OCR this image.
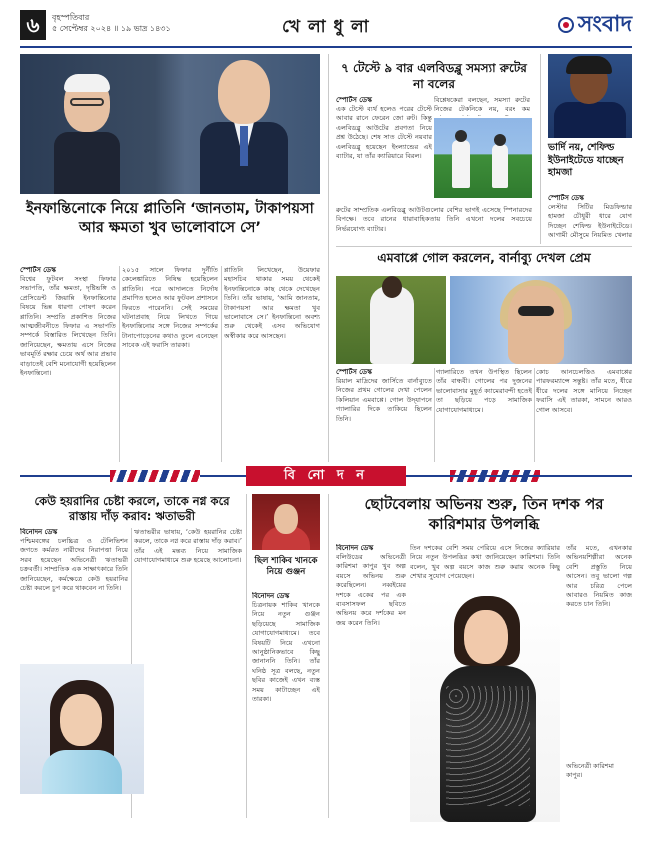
৬	বৃহস্পতিবার
৫ সেপ্টেম্বর ২০২৪ ॥ ১৯ ভাদ্র ১৪৩১	খে লা ধু লা	সংবাদ
ইনফান্তিনোকে নিয়ে প্লাতিনি ‘জানতাম, টাকাপয়সা আর ক্ষমতা খুব ভালোবাসে সে’
স্পোর্টস ডেস্ক
বিশ্বের ফুটবল সংস্থা ফিফার সভাপতি, তাঁর ক্ষমতা, দৃষ্টিভঙ্গি ও প্রেসিডেন্ট জিয়ান্নি ইনফান্তিনোর বিষয়ে ভিন্ন ধারণা পোষণ করেন প্লাতিনি। সম্প্রতি প্রকাশিত নিজের আত্মজীবনীতে ফিফার এ সভাপতি সম্পর্কে বিস্তারিত লিখেছেন তিনি। জানিয়েছেন, ক্ষমতায় এসে নিজের ভাবমূর্তি রক্ষার চেয়ে অর্থ আর প্রভাব বাড়াতেই বেশি মনোযোগী হয়েছিলেন ইনফান্তিনো।
২০১৫ সালে ফিফার দুর্নীতি কেলেঙ্কারিতে নিষিদ্ধ হয়েছিলেন প্লাতিনি। পরে আদালতে নির্দোষ প্রমাণিত হলেও আর ফুটবল প্রশাসনে ফিরতে পারেননি। সেই সময়ের ঘটনাপ্রবাহ নিয়ে লিখতে গিয়ে ইনফান্তিনোর সঙ্গে নিজের সম্পর্কের টানাপোড়েনের কথাও তুলে এনেছেন সাবেক এই ফরাসি তারকা।
প্লাতিনি লিখেছেন, উয়েফার মহাসচিব থাকার সময় থেকেই ইনফান্তিনোকে কাছ থেকে দেখেছেন তিনি। তাঁর ভাষায়, ‘আমি জানতাম, টাকাপয়সা আর ক্ষমতা খুব ভালোবাসে সে।’ ইনফান্তিনো অবশ্য শুরু থেকেই এসব অভিযোগ অস্বীকার করে আসছেন।
৭ টেস্টে ৯ বার এলবিডব্লু সমস্যা রুটের না বলের
স্পোর্টস ডেস্ক
এক টেস্টে ব্যর্থ হলেও পরের টেস্টে আবার রানে ফেরেন জো রুট। কিন্তু এলবিডব্লু আউটের প্রবণতা নিয়ে প্রশ্ন উঠেছে। শেষ সাত টেস্টে নয়বার এলবিডব্লু হয়েছেন ইংল্যান্ডের এই ব্যাটার, যা তাঁর ক্যারিয়ারে বিরল।
বিশ্লেষকেরা বলছেন, সমস্যা রুটের নিজের টেকনিকে নয়, বরং কম
রুটের সাম্প্রতিক এলবিডব্লু আউটগুলোর বেশির ভাগই এসেছে স্পিনারদের বিপক্ষে। তবে রানের ধারাবাহিকতায় তিনি এখনো দলের সবচেয়ে নির্ভরযোগ্য ব্যাটার।
ভার্দি নয়, শেফিল্ড ইউনাইটেডে যাচ্ছেন হামজা
স্পোর্টস ডেস্ক
লেস্টার সিটির মিডফিল্ডার হামজা চৌধুরী ধারে যোগ দিচ্ছেন শেফিল্ড ইউনাইটেডে। আগামী মৌসুমে নিয়মিত খেলার
এমবাপ্পে গোল করলেন, বার্নাব্যু দেখল প্রেম
স্পোর্টস ডেস্ক
রিয়াল মাদ্রিদের জার্সিতে বার্নাব্যুতে নিজের প্রথম গোলের দেখা পেলেন কিলিয়ান এমবাপ্পে। গোল উদ্‌যাপনে গ্যালারির দিকে তাকিয়ে ছিলেন তিনি।
গ্যালারিতে তখন উপস্থিত ছিলেন তাঁর বান্ধবী। গোলের পর দুজনের ভালোবাসার মুহূর্ত ক্যামেরাবন্দী হতেই তা ছড়িয়ে পড়ে সামাজিক যোগাযোগমাধ্যমে।
কোচ আনচেলত্তিও এমবাপ্পের পারফরম্যান্সে সন্তুষ্ট। তাঁর মতে, ধীরে ধীরে দলের সঙ্গে মানিয়ে নিচ্ছেন ফরাসি এই তারকা, সামনে আরও গোল আসবে।
বি নো দ ন
কেউ হয়রানির চেষ্টা করলে, তাকে নগ্ন করে রাস্তায় দাঁড় করাব: ঋতাভরী
বিনোদন ডেস্ক
পশ্চিমবঙ্গের চলচ্চিত্র ও টেলিভিশন জগতে কর্মরত নারীদের নিরাপত্তা নিয়ে সরব হয়েছেন অভিনেত্রী ঋতাভরী চক্রবর্তী। সাম্প্রতিক এক সাক্ষাৎকারে তিনি জানিয়েছেন, কর্মক্ষেত্রে কেউ হয়রানির চেষ্টা করলে চুপ করে থাকবেন না তিনি।
ঋতাভরীর ভাষায়, ‘কেউ হয়রানির চেষ্টা করলে, তাকে নগ্ন করে রাস্তায় দাঁড় করাব।’ তাঁর এই মন্তব্য নিয়ে সামাজিক যোগাযোগমাধ্যমে শুরু হয়েছে আলোচনা। ছিল শাকিব খানকে নিয়ে গুঞ্জন
বিনোদন ডেস্ক
চিত্রনায়ক শাকিব খানকে নিয়ে নতুন গুঞ্জন ছড়িয়েছে সামাজিক যোগাযোগমাধ্যমে। তবে বিষয়টি নিয়ে এখনো আনুষ্ঠানিকভাবে কিছু জানাননি তিনি। তাঁর ঘনিষ্ঠ সূত্র বলছে, নতুন ছবির কাজেই এখন ব্যস্ত সময় কাটাচ্ছেন এই তারকা।
ছোটবেলায় অভিনয় শুরু, তিন দশক পর কারিশমার উপলব্ধি
বিনোদন ডেস্ক
বলিউডের অভিনেত্রী কারিশমা কাপুর খুব অল্প বয়সে অভিনয় শুরু করেছিলেন। নব্বইয়ের দশকে একের পর এক ব্যবসাসফল ছবিতে অভিনয় করে দর্শকের মন জয় করেন তিনি।
তিন দশকের বেশি সময় পেরিয়ে এসে নিজের ক্যারিয়ার নিয়ে নতুন উপলব্ধির কথা জানিয়েছেন কারিশমা। তিনি বলেন, খুব অল্প বয়সে কাজ শুরু করায় অনেক কিছু শেখার সুযোগ পেয়েছেন।
তাঁর মতে, এখনকার অভিনয়শিল্পীরা অনেক বেশি প্রস্তুতি নিয়ে আসেন। তবু ভালো গল্প আর চরিত্র পেলে আবারও নিয়মিত কাজ করতে চান তিনি।
অভিনেত্রী কারিশমা কাপুর।
